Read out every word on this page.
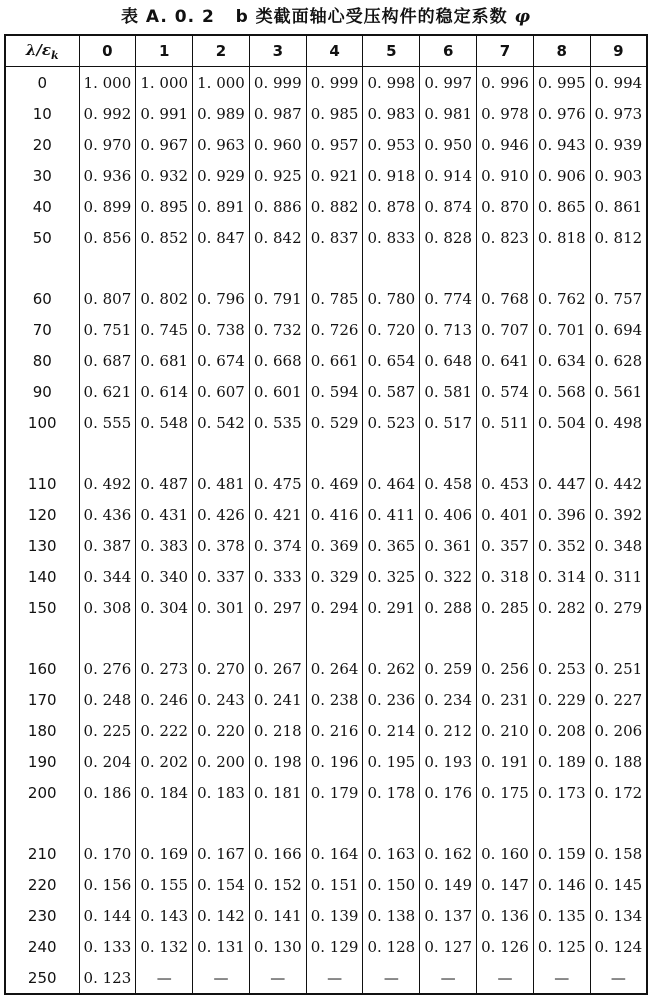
表 A. 0. 2 b 类截面轴心受压构件的稳定系数 φ
$\lambda/\varepsilon_k$	0	1	2	3	4	5	6	7	8	9
0	1. 000	1. 000	1. 000	0. 999	0. 999	0. 998	0. 997	0. 996	0. 995	0. 994
10	0. 992	0. 991	0. 989	0. 987	0. 985	0. 983	0. 981	0. 978	0. 976	0. 973
20	0. 970	0. 967	0. 963	0. 960	0. 957	0. 953	0. 950	0. 946	0. 943	0. 939
30	0. 936	0. 932	0. 929	0. 925	0. 921	0. 918	0. 914	0. 910	0. 906	0. 903
40	0. 899	0. 895	0. 891	0. 886	0. 882	0. 878	0. 874	0. 870	0. 865	0. 861
50	0. 856	0. 852	0. 847	0. 842	0. 837	0. 833	0. 828	0. 823	0. 818	0. 812

60	0. 807	0. 802	0. 796	0. 791	0. 785	0. 780	0. 774	0. 768	0. 762	0. 757
70	0. 751	0. 745	0. 738	0. 732	0. 726	0. 720	0. 713	0. 707	0. 701	0. 694
80	0. 687	0. 681	0. 674	0. 668	0. 661	0. 654	0. 648	0. 641	0. 634	0. 628
90	0. 621	0. 614	0. 607	0. 601	0. 594	0. 587	0. 581	0. 574	0. 568	0. 561
100	0. 555	0. 548	0. 542	0. 535	0. 529	0. 523	0. 517	0. 511	0. 504	0. 498

110	0. 492	0. 487	0. 481	0. 475	0. 469	0. 464	0. 458	0. 453	0. 447	0. 442
120	0. 436	0. 431	0. 426	0. 421	0. 416	0. 411	0. 406	0. 401	0. 396	0. 392
130	0. 387	0. 383	0. 378	0. 374	0. 369	0. 365	0. 361	0. 357	0. 352	0. 348
140	0. 344	0. 340	0. 337	0. 333	0. 329	0. 325	0. 322	0. 318	0. 314	0. 311
150	0. 308	0. 304	0. 301	0. 297	0. 294	0. 291	0. 288	0. 285	0. 282	0. 279

160	0. 276	0. 273	0. 270	0. 267	0. 264	0. 262	0. 259	0. 256	0. 253	0. 251
170	0. 248	0. 246	0. 243	0. 241	0. 238	0. 236	0. 234	0. 231	0. 229	0. 227
180	0. 225	0. 222	0. 220	0. 218	0. 216	0. 214	0. 212	0. 210	0. 208	0. 206
190	0. 204	0. 202	0. 200	0. 198	0. 196	0. 195	0. 193	0. 191	0. 189	0. 188
200	0. 186	0. 184	0. 183	0. 181	0. 179	0. 178	0. 176	0. 175	0. 173	0. 172

210	0. 170	0. 169	0. 167	0. 166	0. 164	0. 163	0. 162	0. 160	0. 159	0. 158
220	0. 156	0. 155	0. 154	0. 152	0. 151	0. 150	0. 149	0. 147	0. 146	0. 145
230	0. 144	0. 143	0. 142	0. 141	0. 139	0. 138	0. 137	0. 136	0. 135	0. 134
240	0. 133	0. 132	0. 131	0. 130	0. 129	0. 128	0. 127	0. 126	0. 125	0. 124
250	0. 123	—	—	—	—	—	—	—	—	—
